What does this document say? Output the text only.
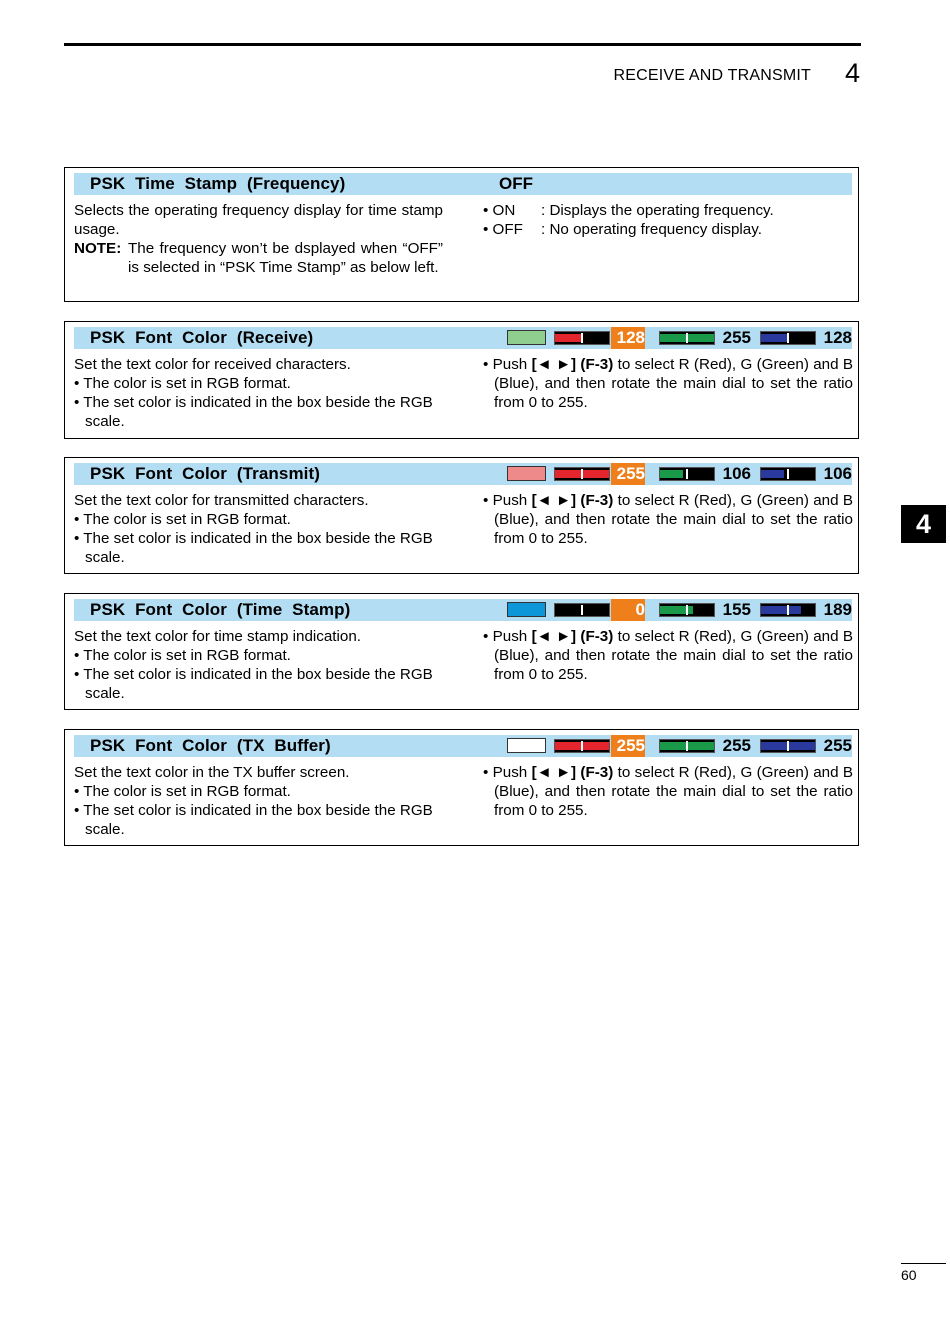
RECEIVE AND TRANSMIT 4
4
60
PSK Time Stamp (Frequency)	OFF
Selects the operating frequency display for time stamp usage.
NOTE: The frequency won’t be dsplayed when “OFF” is selected in “PSK Time Stamp” as below left.
• ON	: Displays the operating frequency.
• OFF	: No operating frequency display.
PSK Font Color (Receive)	128	255	128
Set the text color for received characters.
• The color is set in RGB format.
• The set color is indicated in the box beside the RGB scale.
• Push [◄ ►] (F-3) to select R (Red), G (Green) and B (Blue), and then rotate the main dial to set the ratio from 0 to 255.
PSK Font Color (Transmit)	255	106	106
Set the text color for transmitted characters.
• The color is set in RGB format.
• The set color is indicated in the box beside the RGB scale.
• Push [◄ ►] (F-3) to select R (Red), G (Green) and B (Blue), and then rotate the main dial to set the ratio from 0 to 255.
PSK Font Color (Time Stamp)	0	155	189
Set the text color for time stamp indication.
• The color is set in RGB format.
• The set color is indicated in the box beside the RGB scale.
• Push [◄ ►] (F-3) to select R (Red), G (Green) and B (Blue), and then rotate the main dial to set the ratio from 0 to 255.
PSK Font Color (TX Buffer)	255	255	255
Set the text color in the TX buffer screen.
• The color is set in RGB format.
• The set color is indicated in the box beside the RGB scale.
• Push [◄ ►] (F-3) to select R (Red), G (Green) and B (Blue), and then rotate the main dial to set the ratio from 0 to 255.
